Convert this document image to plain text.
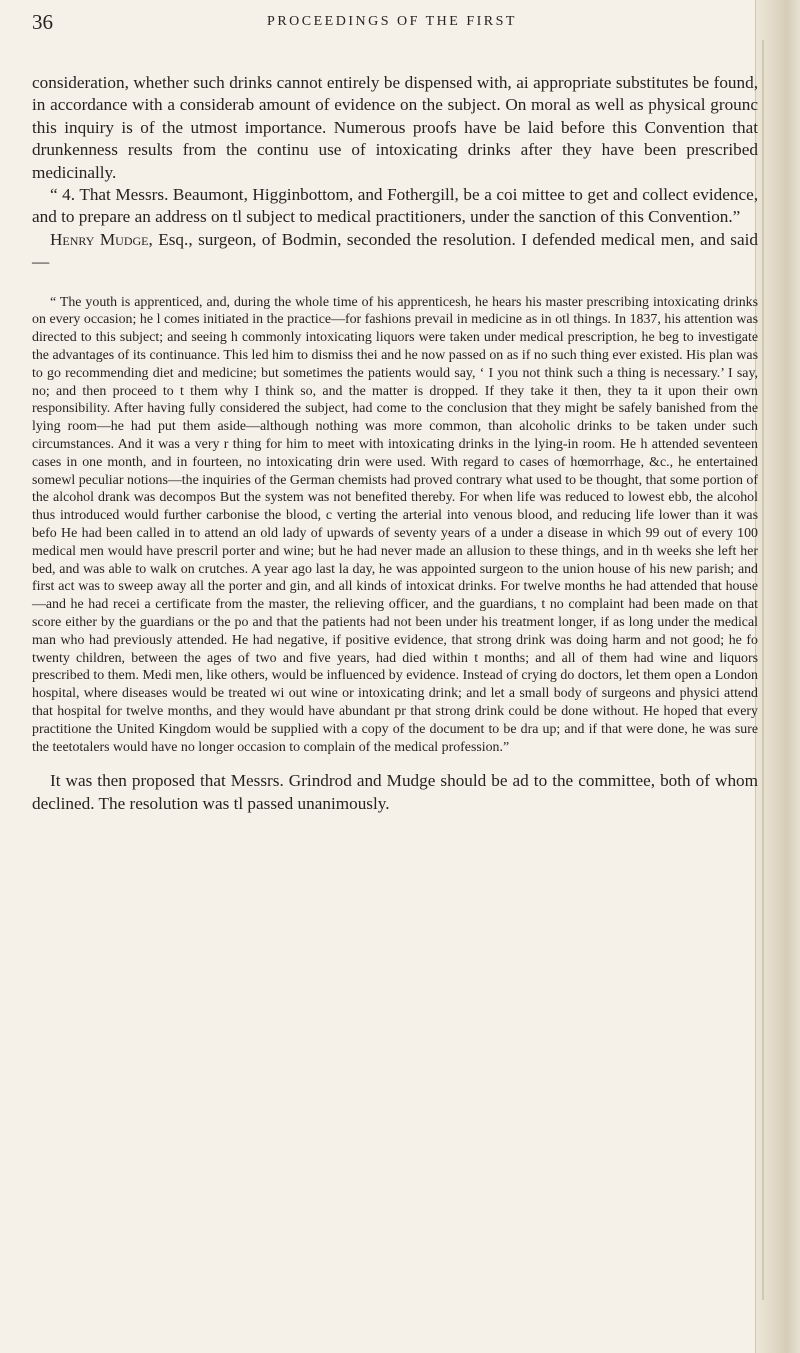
36	PROCEEDINGS OF THE FIRST

consideration, whether such drinks cannot entirely be dispensed with, ai appropriate substitutes be found, in accordance with a considerab amount of evidence on the subject. On moral as well as physical grounc this inquiry is of the utmost importance. Numerous proofs have be laid before this Convention that drunkenness results from the continu use of intoxicating drinks after they have been prescribed medicinally.

“ 4. That Messrs. Beaumont, Higginbottom, and Fothergill, be a coi mittee to get and collect evidence, and to prepare an address on tl subject to medical practitioners, under the sanction of this Convention.”

Henry Mudge, Esq., surgeon, of Bodmin, seconded the resolution. I defended medical men, and said—

“ The youth is apprenticed, and, during the whole time of his apprenticesh, he hears his master prescribing intoxicating drinks on every occasion; he l comes initiated in the practice—for fashions prevail in medicine as in otl things. In 1837, his attention was directed to this subject; and seeing h commonly intoxicating liquors were taken under medical prescription, he beg to investigate the advantages of its continuance. This led him to dismiss thei and he now passed on as if no such thing ever existed. His plan was to go recommending diet and medicine; but sometimes the patients would say, ‘ I you not think such a thing is necessary.’ I say, no; and then proceed to t them why I think so, and the matter is dropped. If they take it then, they ta it upon their own responsibility. After having fully considered the subject, had come to the conclusion that they might be safely banished from the lying room—he had put them aside—although nothing was more common, than alcoholic drinks to be taken under such circumstances. And it was a very r thing for him to meet with intoxicating drinks in the lying-in room. He h attended seventeen cases in one month, and in fourteen, no intoxicating drin were used. With regard to cases of hœmorrhage, &c., he entertained somewl peculiar notions—the inquiries of the German chemists had proved contrary what used to be thought, that some portion of the alcohol drank was decompos But the system was not benefited thereby. For when life was reduced to lowest ebb, the alcohol thus introduced would further carbonise the blood, c verting the arterial into venous blood, and reducing life lower than it was befo He had been called in to attend an old lady of upwards of seventy years of a under a disease in which 99 out of every 100 medical men would have prescril porter and wine; but he had never made an allusion to these things, and in th weeks she left her bed, and was able to walk on crutches. A year ago last la day, he was appointed surgeon to the union house of his new parish; and first act was to sweep away all the porter and gin, and all kinds of intoxicat drinks. For twelve months he had attended that house—and he had recei a certificate from the master, the relieving officer, and the guardians, t no complaint had been made on that score either by the guardians or the po and that the patients had not been under his treatment longer, if as long under the medical man who had previously attended. He had negative, if positive evidence, that strong drink was doing harm and not good; he fo twenty children, between the ages of two and five years, had died within t months; and all of them had wine and liquors prescribed to them. Medi men, like others, would be influenced by evidence. Instead of crying do doctors, let them open a London hospital, where diseases would be treated wi out wine or intoxicating drink; and let a small body of surgeons and physici attend that hospital for twelve months, and they would have abundant pr that strong drink could be done without. He hoped that every practitione the United Kingdom would be supplied with a copy of the document to be dra up; and if that were done, he was sure the teetotalers would have no longer occasion to complain of the medical profession.”

It was then proposed that Messrs. Grindrod and Mudge should be ad to the committee, both of whom declined. The resolution was tl passed unanimously.
